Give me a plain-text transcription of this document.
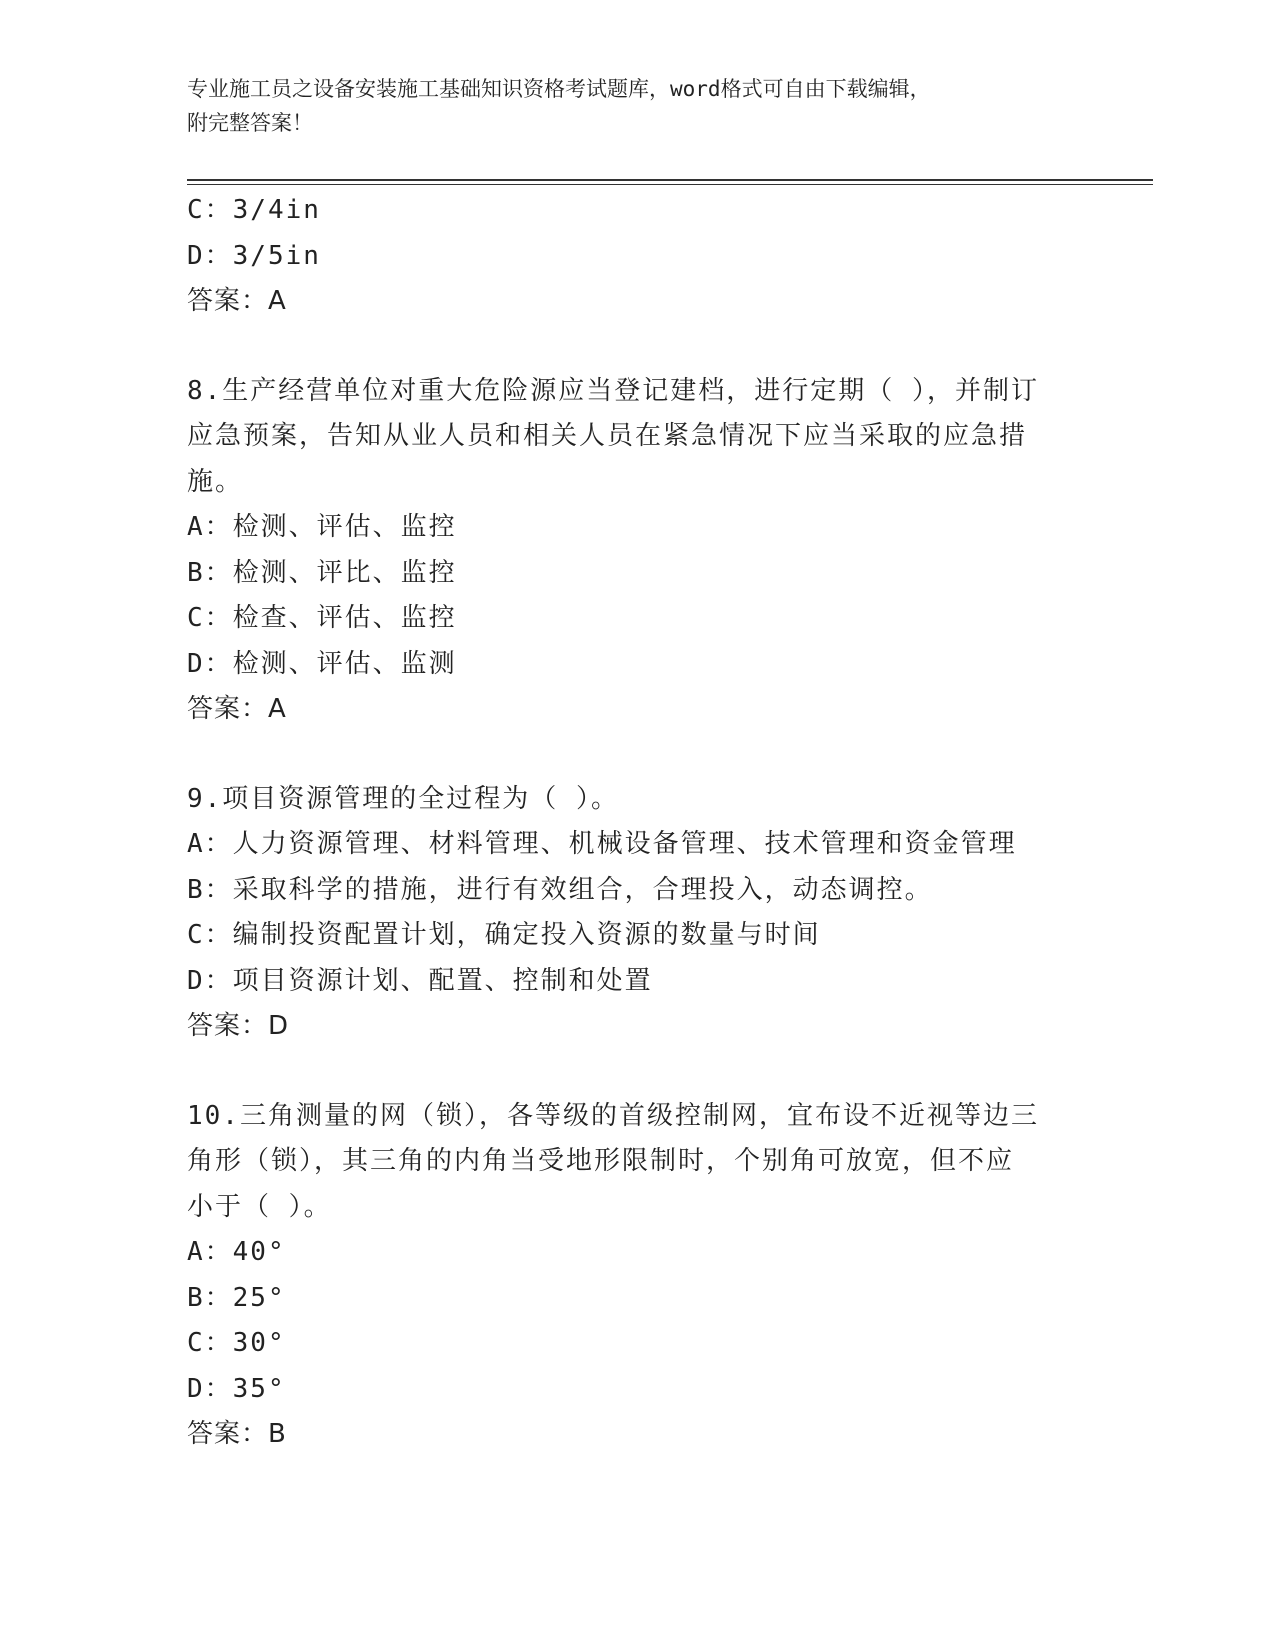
专业施工员之设备安装施工基础知识资格考试题库，word格式可自由下载编辑，
附完整答案！
C：3/4in
D：3/5in
答案：A
8.生产经营单位对重大危险源应当登记建档，进行定期（ ），并制订
应急预案，告知从业人员和相关人员在紧急情况下应当采取的应急措
施。
A：检测、评估、监控
B：检测、评比、监控
C：检查、评估、监控
D：检测、评估、监测
答案：A
9.项目资源管理的全过程为（ ）。
A：人力资源管理、材料管理、机械设备管理、技术管理和资金管理
B：采取科学的措施，进行有效组合，合理投入，动态调控。
C：编制投资配置计划，确定投入资源的数量与时间
D：项目资源计划、配置、控制和处置
答案：D
10.三角测量的网（锁），各等级的首级控制网，宜布设不近视等边三
角形（锁），其三角的内角当受地形限制时，个别角可放宽，但不应
小于（ ）。
A：40°
B：25°
C：30°
D：35°
答案：B
